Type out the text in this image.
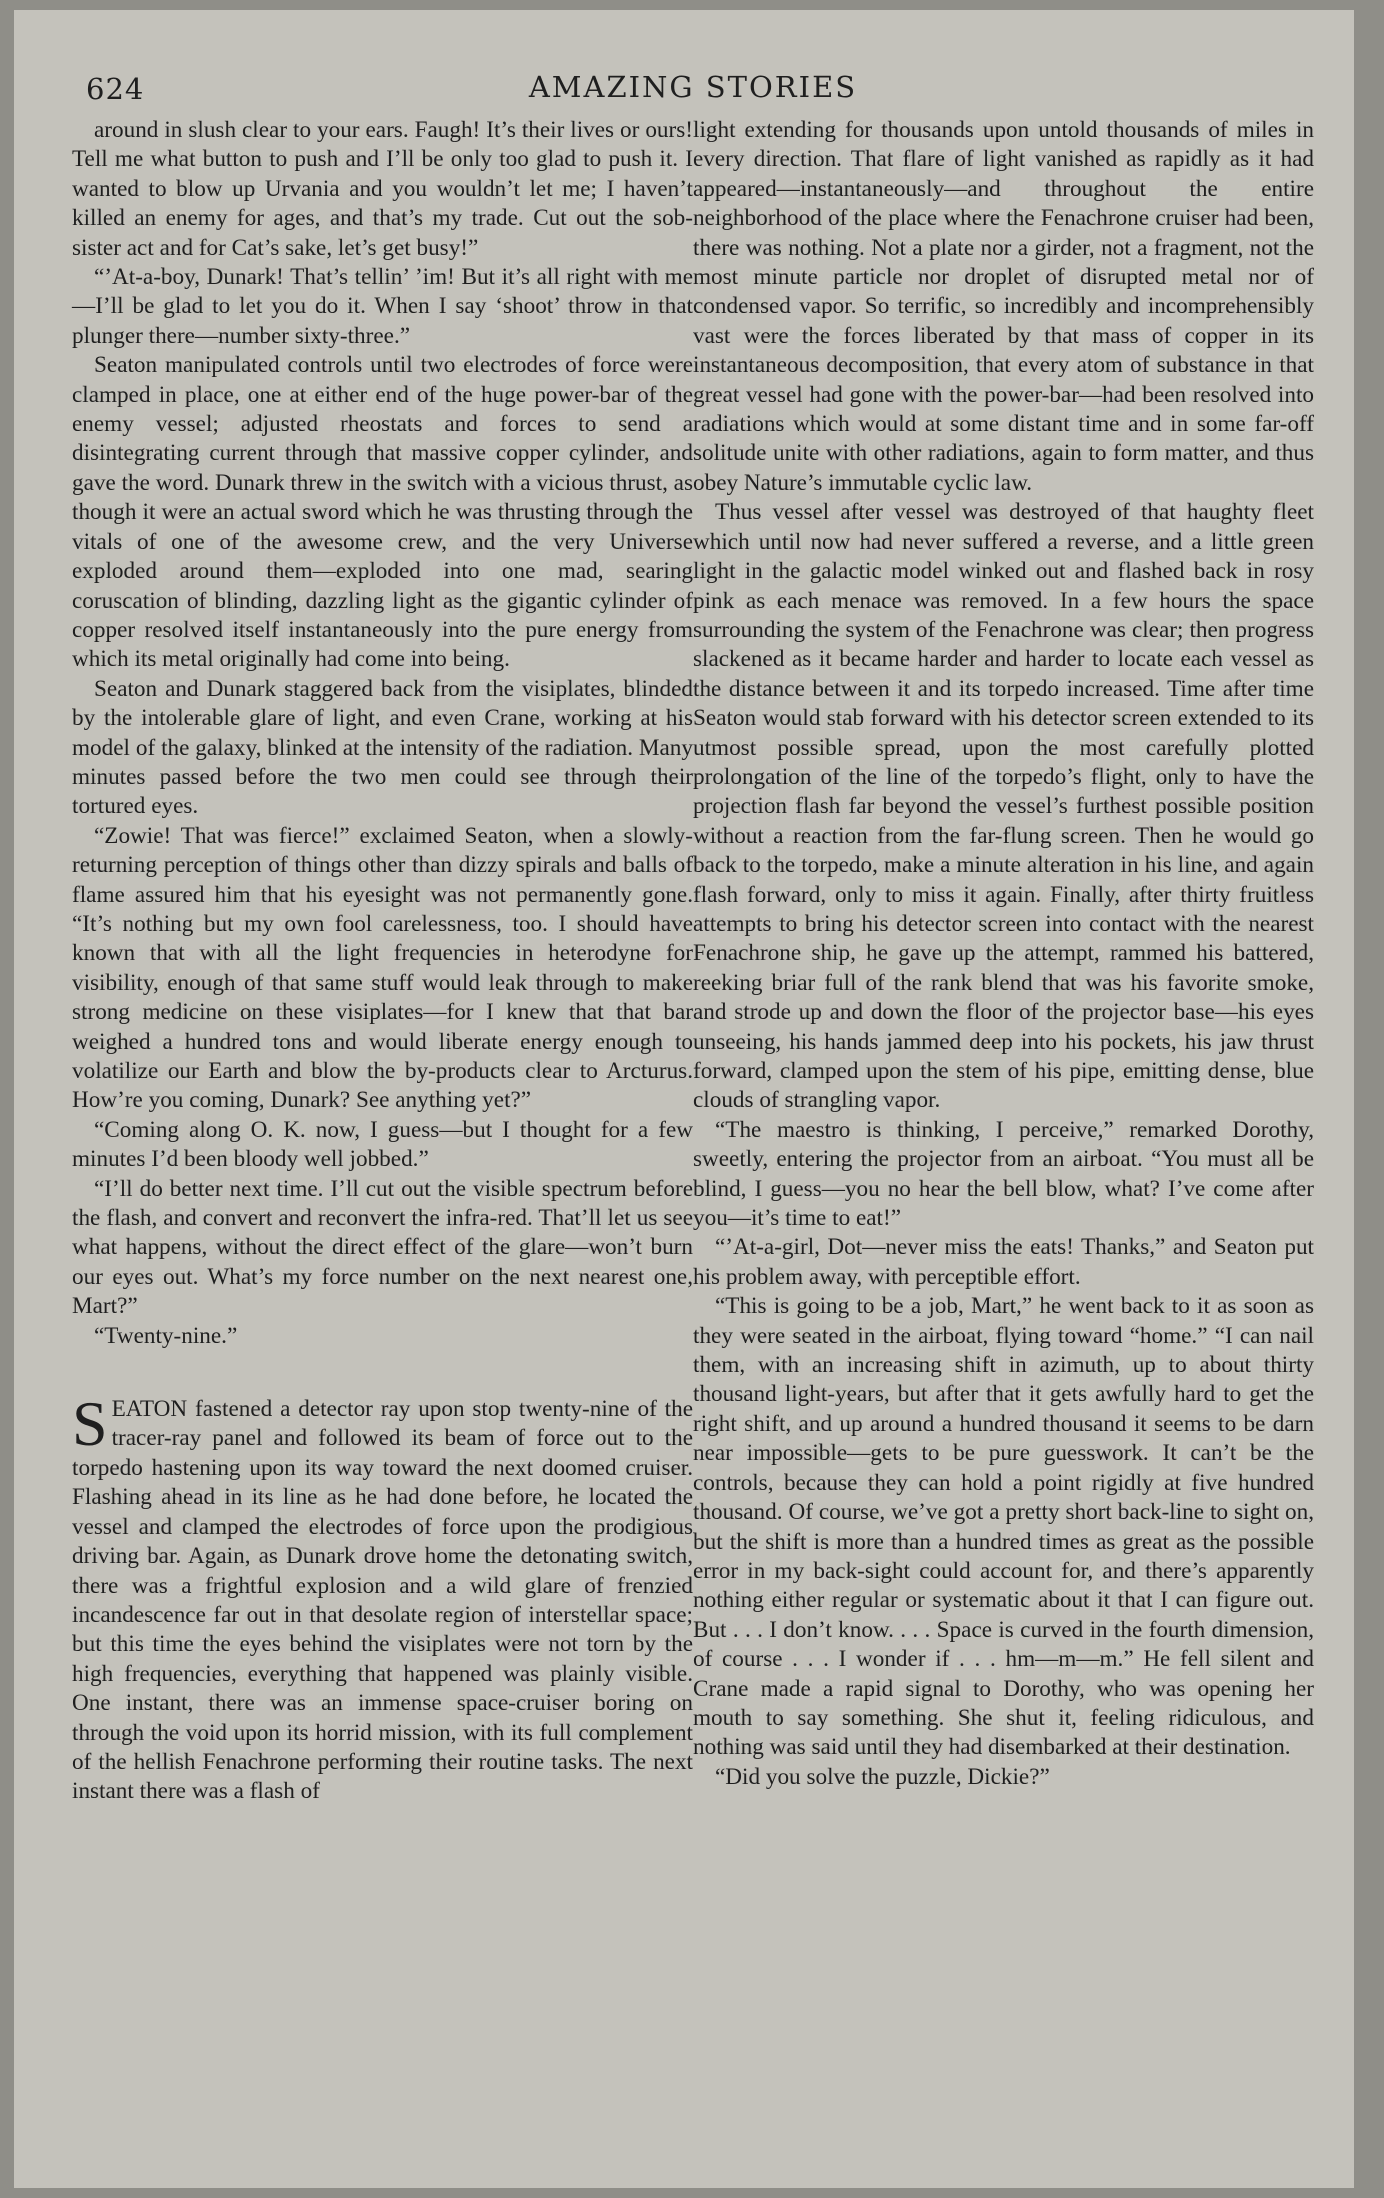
624	AMAZING STORIES

around in slush clear to your ears. Faugh! It’s their lives or ours! Tell me what button to push and I’ll be only too glad to push it. I wanted to blow up Urvania and you wouldn’t let me; I haven’t killed an enemy for ages, and that’s my trade. Cut out the sob-sister act and for Cat’s sake, let’s get busy!”

“’At-a-boy, Dunark! That’s tellin’ ’im! But it’s all right with me—I’ll be glad to let you do it. When I say ‘shoot’ throw in that plunger there—number sixty-three.”

Seaton manipulated controls until two electrodes of force were clamped in place, one at either end of the huge power-bar of the enemy vessel; adjusted rheostats and forces to send a disintegrating current through that massive copper cylinder, and gave the word. Dunark threw in the switch with a vicious thrust, as though it were an actual sword which he was thrusting through the vitals of one of the awesome crew, and the very Universe exploded around them—exploded into one mad, searing coruscation of blinding, dazzling light as the gigantic cylinder of copper resolved itself instantaneously into the pure energy from which its metal originally had come into being.

Seaton and Dunark staggered back from the visiplates, blinded by the intolerable glare of light, and even Crane, working at his model of the galaxy, blinked at the intensity of the radiation. Many minutes passed before the two men could see through their tortured eyes.

“Zowie! That was fierce!” exclaimed Seaton, when a slowly-returning perception of things other than dizzy spirals and balls of flame assured him that his eyesight was not permanently gone. “It’s nothing but my own fool carelessness, too. I should have known that with all the light frequencies in heterodyne for visibility, enough of that same stuff would leak through to make strong medicine on these visiplates—for I knew that that bar weighed a hundred tons and would liberate energy enough to volatilize our Earth and blow the by-products clear to Arcturus. How’re you coming, Dunark? See anything yet?”

“Coming along O. K. now, I guess—but I thought for a few minutes I’d been bloody well jobbed.”

“I’ll do better next time. I’ll cut out the visible spectrum before the flash, and convert and reconvert the infra-red. That’ll let us see what happens, without the direct effect of the glare—won’t burn our eyes out. What’s my force number on the next nearest one, Mart?”

“Twenty-nine.”

SEATON fastened a detector ray upon stop twenty-nine of the tracer-ray panel and followed its beam of force out to the torpedo hastening upon its way toward the next doomed cruiser. Flashing ahead in its line as he had done before, he located the vessel and clamped the electrodes of force upon the prodigious driving bar. Again, as Dunark drove home the detonating switch, there was a frightful explosion and a wild glare of frenzied incandescence far out in that desolate region of interstellar space; but this time the eyes behind the visiplates were not torn by the high frequencies, everything that happened was plainly visible. One instant, there was an immense space-cruiser boring on through the void upon its horrid mission, with its full complement of the hellish Fenachrone performing their routine tasks. The next instant there was a flash of

light extending for thousands upon untold thousands of miles in every direction. That flare of light vanished as rapidly as it had appeared—instantaneously—and throughout the entire neighborhood of the place where the Fenachrone cruiser had been, there was nothing. Not a plate nor a girder, not a fragment, not the most minute particle nor droplet of disrupted metal nor of condensed vapor. So terrific, so incredibly and incomprehensibly vast were the forces liberated by that mass of copper in its instantaneous decomposition, that every atom of substance in that great vessel had gone with the power-bar—had been resolved into radiations which would at some distant time and in some far-off solitude unite with other radiations, again to form matter, and thus obey Nature’s immutable cyclic law.

Thus vessel after vessel was destroyed of that haughty fleet which until now had never suffered a reverse, and a little green light in the galactic model winked out and flashed back in rosy pink as each menace was removed. In a few hours the space surrounding the system of the Fenachrone was clear; then progress slackened as it became harder and harder to locate each vessel as the distance between it and its torpedo increased. Time after time Seaton would stab forward with his detector screen extended to its utmost possible spread, upon the most carefully plotted prolongation of the line of the torpedo’s flight, only to have the projection flash far beyond the vessel’s furthest possible position without a reaction from the far-flung screen. Then he would go back to the torpedo, make a minute alteration in his line, and again flash forward, only to miss it again. Finally, after thirty fruitless attempts to bring his detector screen into contact with the nearest Fenachrone ship, he gave up the attempt, rammed his battered, reeking briar full of the rank blend that was his favorite smoke, and strode up and down the floor of the projector base—his eyes unseeing, his hands jammed deep into his pockets, his jaw thrust forward, clamped upon the stem of his pipe, emitting dense, blue clouds of strangling vapor.

“The maestro is thinking, I perceive,” remarked Dorothy, sweetly, entering the projector from an airboat. “You must all be blind, I guess—you no hear the bell blow, what? I’ve come after you—it’s time to eat!”

“’At-a-girl, Dot—never miss the eats! Thanks,” and Seaton put his problem away, with perceptible effort.

“This is going to be a job, Mart,” he went back to it as soon as they were seated in the airboat, flying toward “home.” “I can nail them, with an increasing shift in azimuth, up to about thirty thousand light-years, but after that it gets awfully hard to get the right shift, and up around a hundred thousand it seems to be darn near impossible—gets to be pure guesswork. It can’t be the controls, because they can hold a point rigidly at five hundred thousand. Of course, we’ve got a pretty short back-line to sight on, but the shift is more than a hundred times as great as the possible error in my back-sight could account for, and there’s apparently nothing either regular or systematic about it that I can figure out. But . . . I don’t know. . . . Space is curved in the fourth dimension, of course . . . I wonder if . . . hm—m—m.” He fell silent and Crane made a rapid signal to Dorothy, who was opening her mouth to say something. She shut it, feeling ridiculous, and nothing was said until they had disembarked at their destination.

“Did you solve the puzzle, Dickie?”
